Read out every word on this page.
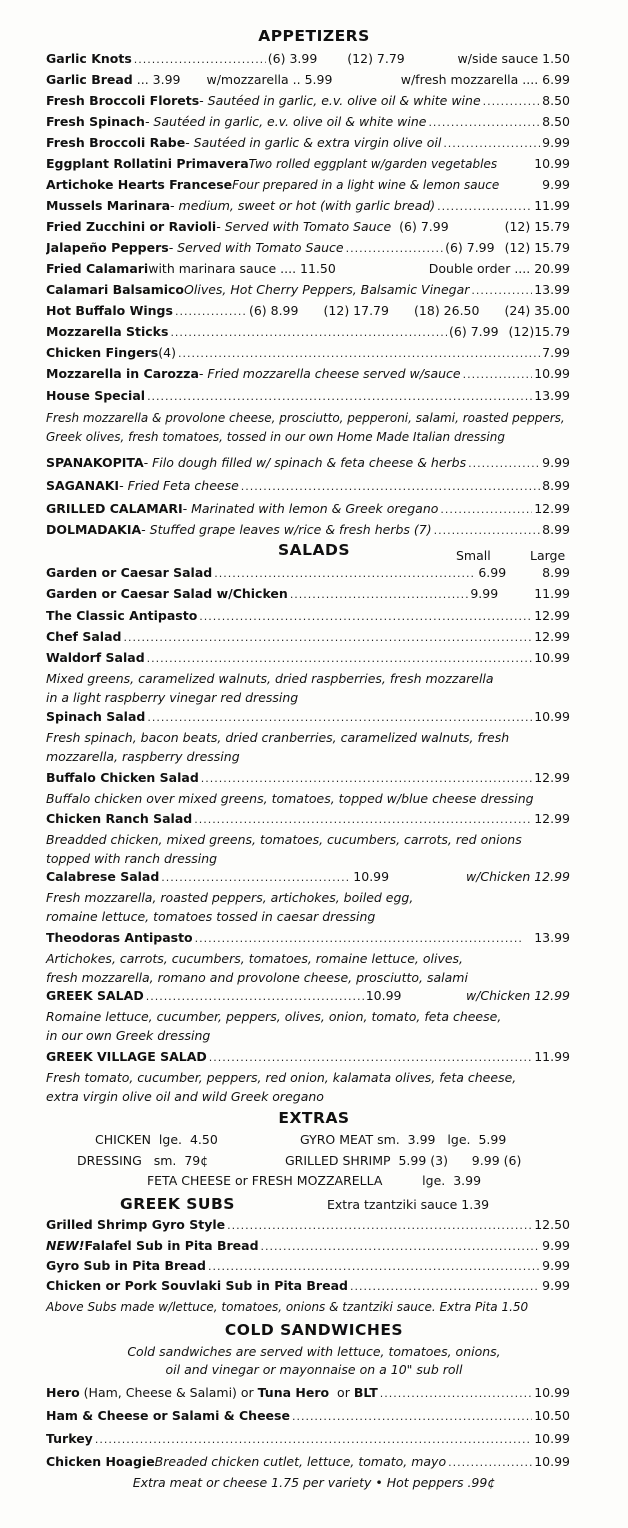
APPETIZERS
Garlic Knots .....	(6) 3.99 (12) 7.79	w/side sauce 1.50
Garlic Bread ... 3.99 w/mozzarella .. 5.99	w/fresh mozzarella .... 6.99
Fresh Broccoli Florets - Sautéed in garlic, e.v. olive oil & white wine .....	8.50
Fresh Spinach - Sautéed in garlic, e.v. olive oil & white wine .....	8.50
Fresh Broccoli Rabe - Sautéed in garlic & extra virgin olive oil .....	9.99
Eggplant Rollatini Primavera Two rolled eggplant w/garden vegetables	10.99
Artichoke Hearts Francese Four prepared in a light wine & lemon sauce	9.99
Mussels Marinara - medium, sweet or hot (with garlic bread) .....	11.99
Fried Zucchini or Ravioli - Served with Tomato Sauce (6) 7.99	(12) 15.79
Jalapeño Peppers - Served with Tomato Sauce .....	(6) 7.99 (12) 15.79
Fried Calamari with marinara sauce .... 11.50	Double order .... 20.99
Calamari Balsamico Olives, Hot Cherry Peppers, Balsamic Vinegar .....	13.99
Hot Buffalo Wings .....	(6) 8.99 (12) 17.79 (18) 26.50 (24) 35.00
Mozzarella Sticks .....	(6) 7.99 (12)15.79
Chicken Fingers (4) .....	7.99
Mozzarella in Carozza - Fried mozzarella cheese served w/sauce .....	10.99
House Special .....	13.99
Fresh mozzarella & provolone cheese, prosciutto, pepperoni, salami, roasted peppers,
Greek olives, fresh tomatoes, tossed in our own Home Made Italian dressing
SPANAKOPITA - Filo dough filled w/ spinach & feta cheese & herbs .....	9.99
SAGANAKI - Fried Feta cheese .....	8.99
GRILLED CALAMARI - Marinated with lemon & Greek oregano .....	12.99
DOLMADAKIA - Stuffed grape leaves w/rice & fresh herbs (7) .....	8.99
SALADS	Small	Large
Garden or Caesar Salad .....	6.99	8.99
Garden or Caesar Salad w/Chicken .....	9.99	11.99
The Classic Antipasto .....	12.99
Chef Salad .....	12.99
Waldorf Salad .....	10.99
Mixed greens, caramelized walnuts, dried raspberries, fresh mozzarella
in a light raspberry vinegar red dressing
Spinach Salad .....	10.99
Fresh spinach, bacon beats, dried cranberries, caramelized walnuts, fresh
mozzarella, raspberry dressing
Buffalo Chicken Salad .....	12.99
Buffalo chicken over mixed greens, tomatoes, topped w/blue cheese dressing
Chicken Ranch Salad .....	12.99
Breadded chicken, mixed greens, tomatoes, cucumbers, carrots, red onions
topped with ranch dressing
Calabrese Salad .....	10.99	w/Chicken 12.99
Fresh mozzarella, roasted peppers, artichokes, boiled egg,
romaine lettuce, tomatoes tossed in caesar dressing
Theodoras Antipasto .....	13.99
Artichokes, carrots, cucumbers, tomatoes, romaine lettuce, olives,
fresh mozzarella, romano and provolone cheese, prosciutto, salami
GREEK SALAD .....	10.99	w/Chicken 12.99
Romaine lettuce, cucumber, peppers, olives, onion, tomato, feta cheese,
in our own Greek dressing
GREEK VILLAGE SALAD .....	11.99
Fresh tomato, cucumber, peppers, red onion, kalamata olives, feta cheese,
extra virgin olive oil and wild Greek oregano
EXTRAS
CHICKEN  lge.  4.50	GYRO MEAT sm.  3.99   lge.  5.99
DRESSING   sm.  79¢	GRILLED SHRIMP  5.99 (3)      9.99 (6)
FETA CHEESE or FRESH MOZZARELLA          lge.  3.99
GREEK SUBS	Extra tzantziki sauce 1.39
Grilled Shrimp Gyro Style .....	12.50
NEW! Falafel Sub in Pita Bread .....	9.99
Gyro Sub in Pita Bread .....	9.99
Chicken or Pork Souvlaki Sub in Pita Bread .....	9.99
Above Subs made w/lettuce, tomatoes, onions & tzantziki sauce. Extra Pita 1.50
COLD SANDWICHES
Cold sandwiches are served with lettuce, tomatoes, onions,
oil and vinegar or mayonnaise on a 10" sub roll
Hero (Ham, Cheese & Salami) or Tuna Hero or BLT .....	10.99
Ham & Cheese or Salami & Cheese .....	10.50
Turkey .....	10.99
Chicken Hoagie Breaded chicken cutlet, lettuce, tomato, mayo .....	10.99
Extra meat or cheese 1.75 per variety • Hot peppers .99¢
